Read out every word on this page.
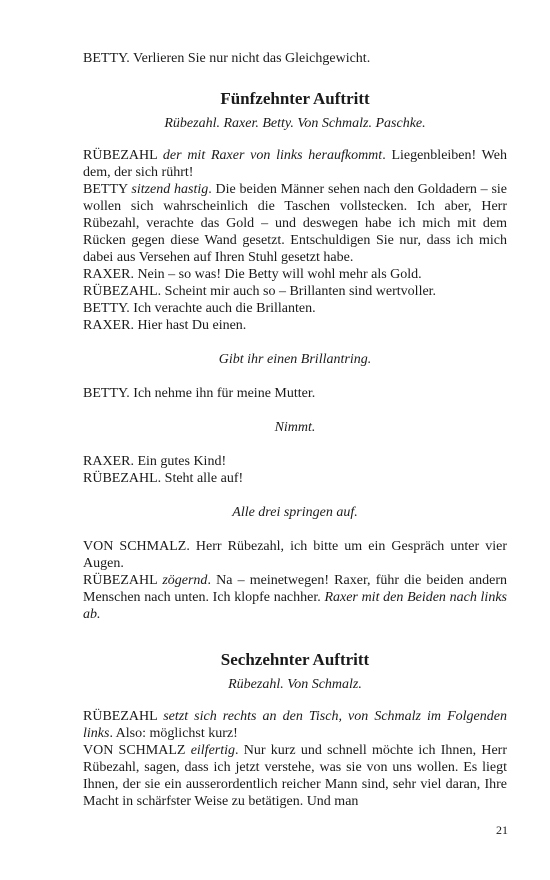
BETTY. Verlieren Sie nur nicht das Gleichgewicht.

Fünfzehnter Auftritt

Rübezahl. Raxer. Betty. Von Schmalz. Paschke.

RÜBEZAHL der mit Raxer von links heraufkommt. Liegenbleiben! Weh dem, der sich rührt!

BETTY sitzend hastig. Die beiden Männer sehen nach den Goldadern – sie wollen sich wahrscheinlich die Taschen vollstecken. Ich aber, Herr Rübezahl, verachte das Gold – und deswegen habe ich mich mit dem Rücken gegen diese Wand gesetzt. Entschuldigen Sie nur, dass ich mich dabei aus Versehen auf Ihren Stuhl gesetzt habe.

RAXER. Nein – so was! Die Betty will wohl mehr als Gold.

RÜBEZAHL. Scheint mir auch so – Brillanten sind wertvoller.

BETTY. Ich verachte auch die Brillanten.

RAXER. Hier hast Du einen.

Gibt ihr einen Brillantring.

BETTY. Ich nehme ihn für meine Mutter.

Nimmt.

RAXER. Ein gutes Kind!

RÜBEZAHL. Steht alle auf!

Alle drei springen auf.

VON SCHMALZ. Herr Rübezahl, ich bitte um ein Gespräch unter vier Augen.

RÜBEZAHL zögernd. Na – meinetwegen! Raxer, führ die beiden andern Menschen nach unten. Ich klopfe nachher. Raxer mit den Beiden nach links ab.

Sechzehnter Auftritt

Rübezahl. Von Schmalz.

RÜBEZAHL setzt sich rechts an den Tisch, von Schmalz im Folgenden links. Also: möglichst kurz!

VON SCHMALZ eilfertig. Nur kurz und schnell möchte ich Ihnen, Herr Rübezahl, sagen, dass ich jetzt verstehe, was sie von uns wollen. Es liegt Ihnen, der sie ein ausserordentlich reicher Mann sind, sehr viel daran, Ihre Macht in schärfster Weise zu betätigen. Und man

21
